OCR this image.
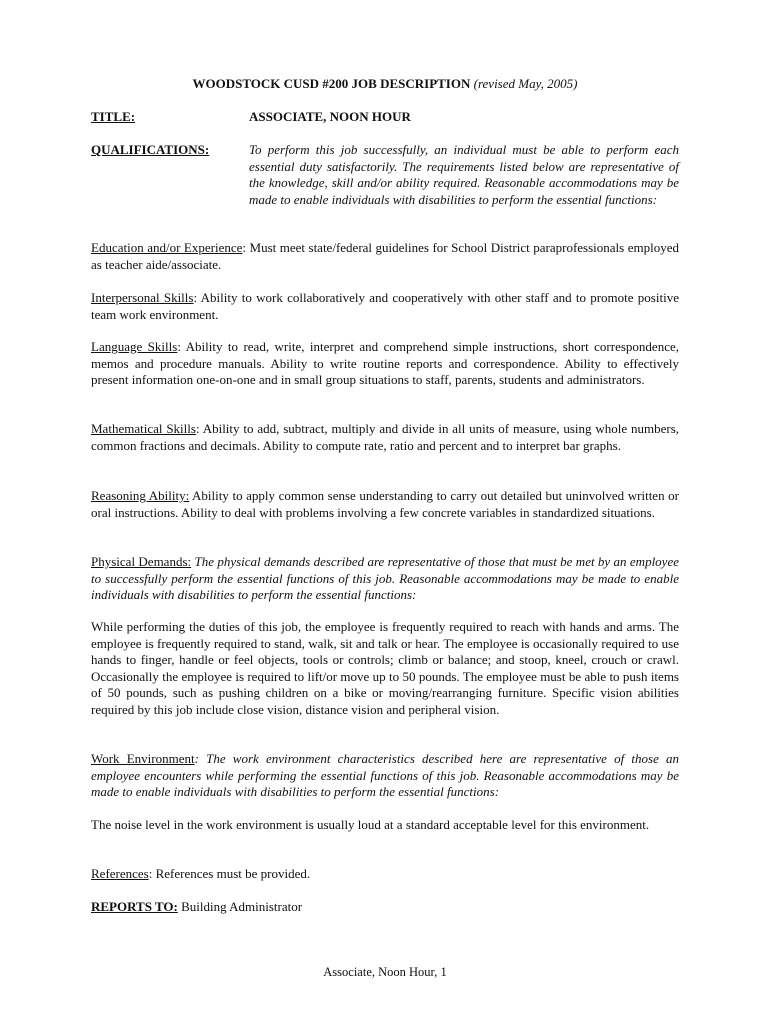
WOODSTOCK CUSD #200 JOB DESCRIPTION (revised May, 2005)
TITLE:	ASSOCIATE, NOON HOUR
QUALIFICATIONS:	To perform this job successfully, an individual must be able to perform each essential duty satisfactorily. The requirements listed below are representative of the knowledge, skill and/or ability required. Reasonable accommodations may be made to enable individuals with disabilities to perform the essential functions:
Education and/or Experience: Must meet state/federal guidelines for School District paraprofessionals employed as teacher aide/associate.
Interpersonal Skills: Ability to work collaboratively and cooperatively with other staff and to promote positive team work environment.
Language Skills: Ability to read, write, interpret and comprehend simple instructions, short correspondence, memos and procedure manuals. Ability to write routine reports and correspondence. Ability to effectively present information one-on-one and in small group situations to staff, parents, students and administrators.
Mathematical Skills: Ability to add, subtract, multiply and divide in all units of measure, using whole numbers, common fractions and decimals. Ability to compute rate, ratio and percent and to interpret bar graphs.
Reasoning Ability: Ability to apply common sense understanding to carry out detailed but uninvolved written or oral instructions. Ability to deal with problems involving a few concrete variables in standardized situations.
Physical Demands: The physical demands described are representative of those that must be met by an employee to successfully perform the essential functions of this job. Reasonable accommodations may be made to enable individuals with disabilities to perform the essential functions:
While performing the duties of this job, the employee is frequently required to reach with hands and arms. The employee is frequently required to stand, walk, sit and talk or hear. The employee is occasionally required to use hands to finger, handle or feel objects, tools or controls; climb or balance; and stoop, kneel, crouch or crawl. Occasionally the employee is required to lift/or move up to 50 pounds. The employee must be able to push items of 50 pounds, such as pushing children on a bike or moving/rearranging furniture. Specific vision abilities required by this job include close vision, distance vision and peripheral vision.
Work Environment: The work environment characteristics described here are representative of those an employee encounters while performing the essential functions of this job. Reasonable accommodations may be made to enable individuals with disabilities to perform the essential functions:
The noise level in the work environment is usually loud at a standard acceptable level for this environment.
References: References must be provided.
REPORTS TO: Building Administrator
Associate, Noon Hour, 1
